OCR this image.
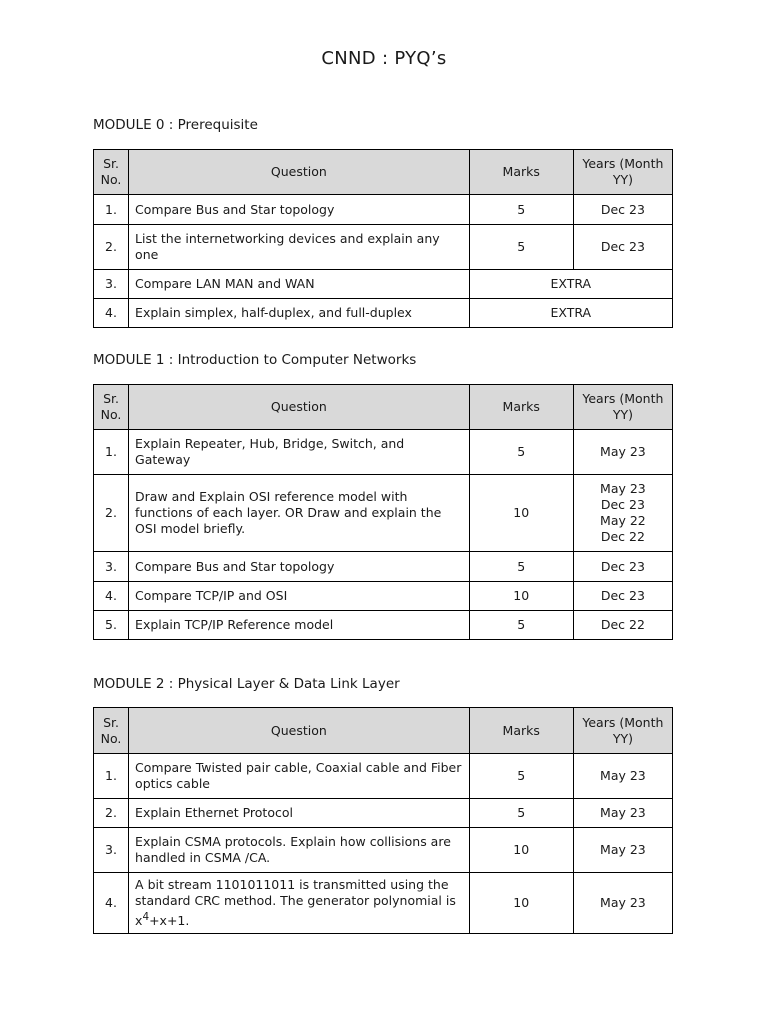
CNND : PYQ’s
MODULE 0 : Prerequisite
Sr. No.	Question	Marks	Years (Month YY)
1.	Compare Bus and Star topology	5	Dec 23

2.	List the internetworking devices and explain any one	5	Dec 23

3.	Compare LAN MAN and WAN	EXTRA	
4.	Explain simplex, half-duplex, and full-duplex	EXTRA	
MODULE 1 : Introduction to Computer Networks
Sr. No.	Question	Marks	Years (Month YY)
1.	Explain Repeater, Hub, Bridge, Switch, and Gateway	5	May 23

2.	Draw and Explain OSI reference model with functions of each layer. OR Draw and explain the OSI model briefly.	10	May 23
Dec 23
May 22
Dec 22

3.	Compare Bus and Star topology	5	Dec 23

4.	Compare TCP/IP and OSI	10	Dec 23

5.	Explain TCP/IP Reference model	5	Dec 22
MODULE 2 : Physical Layer & Data Link Layer
Sr. No.	Question	Marks	Years (Month YY)
1.	Compare Twisted pair cable, Coaxial cable and Fiber optics cable	5	May 23

2.	Explain Ethernet Protocol	5	May 23

3.	Explain CSMA protocols. Explain how collisions are handled in CSMA /CA.	10	May 23

4.	A bit stream 1101011011 is transmitted using the standard CRC method. The generator polynomial is $x^4+x+1$.	10	May 23
